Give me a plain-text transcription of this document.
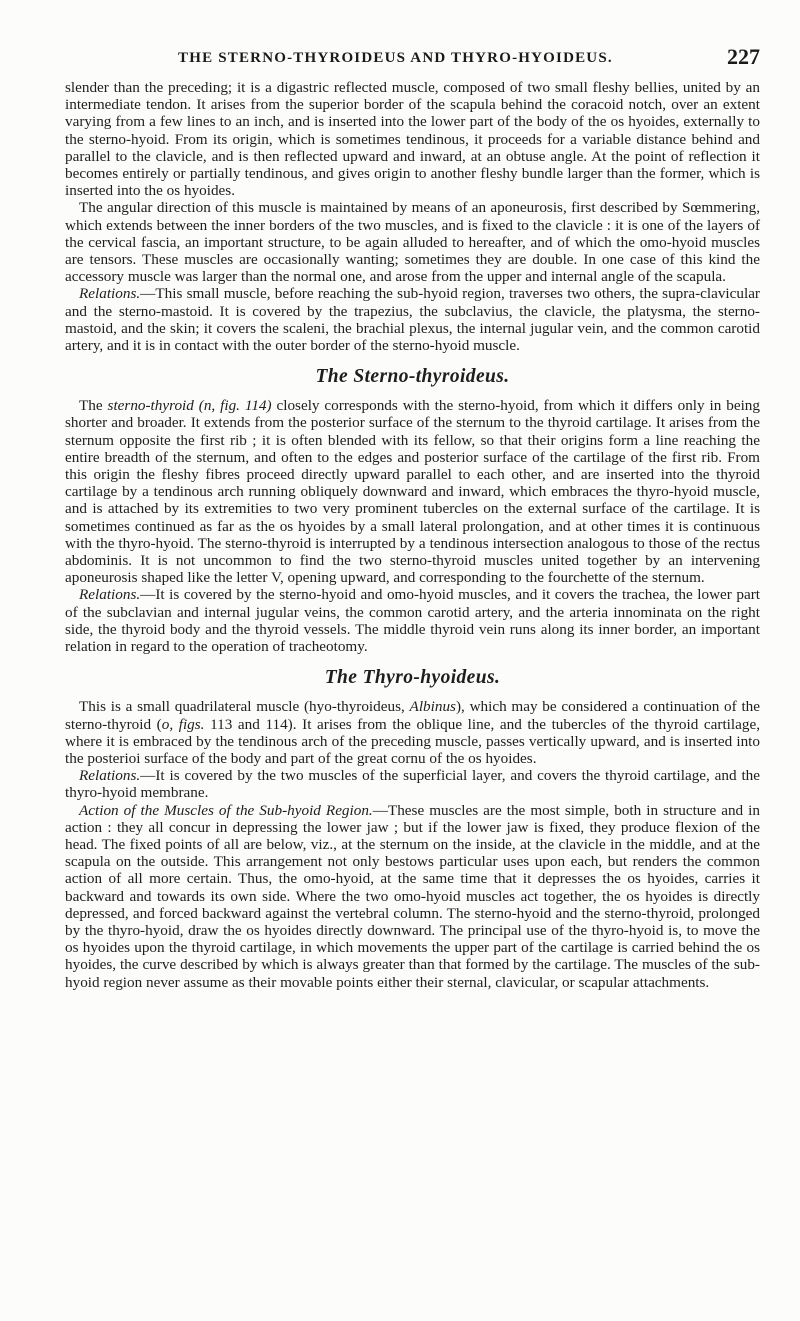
THE STERNO-THYROIDEUS AND THYRO-HYOIDEUS.	227

slender than the preceding; it is a digastric reflected muscle, composed of two small fleshy bellies, united by an intermediate tendon. It arises from the superior border of the scapula behind the coracoid notch, over an extent varying from a few lines to an inch, and is inserted into the lower part of the body of the os hyoides, externally to the sterno-hyoid. From its origin, which is sometimes tendinous, it proceeds for a variable distance behind and parallel to the clavicle, and is then reflected upward and inward, at an obtuse angle. At the point of reflection it becomes entirely or partially tendinous, and gives origin to another fleshy bundle larger than the former, which is inserted into the os hyoides.

The angular direction of this muscle is maintained by means of an aponeurosis, first described by Sœmmering, which extends between the inner borders of the two muscles, and is fixed to the clavicle : it is one of the layers of the cervical fascia, an important structure, to be again alluded to hereafter, and of which the omo-hyoid muscles are tensors. These muscles are occasionally wanting; sometimes they are double. In one case of this kind the accessory muscle was larger than the normal one, and arose from the upper and internal angle of the scapula.

Relations.—This small muscle, before reaching the sub-hyoid region, traverses two others, the supra-clavicular and the sterno-mastoid. It is covered by the trapezius, the subclavius, the clavicle, the platysma, the sterno-mastoid, and the skin; it covers the scaleni, the brachial plexus, the internal jugular vein, and the common carotid artery, and it is in contact with the outer border of the sterno-hyoid muscle.

The Sterno-thyroideus.

The sterno-thyroid (n, fig. 114) closely corresponds with the sterno-hyoid, from which it differs only in being shorter and broader. It extends from the posterior surface of the sternum to the thyroid cartilage. It arises from the sternum opposite the first rib ; it is often blended with its fellow, so that their origins form a line reaching the entire breadth of the sternum, and often to the edges and posterior surface of the cartilage of the first rib. From this origin the fleshy fibres proceed directly upward parallel to each other, and are inserted into the thyroid cartilage by a tendinous arch running obliquely downward and inward, which embraces the thyro-hyoid muscle, and is attached by its extremities to two very prominent tubercles on the external surface of the cartilage. It is sometimes continued as far as the os hyoides by a small lateral prolongation, and at other times it is continuous with the thyro-hyoid. The sterno-thyroid is interrupted by a tendinous intersection analogous to those of the rectus abdominis. It is not uncommon to find the two sterno-thyroid muscles united together by an intervening aponeurosis shaped like the letter V, opening upward, and corresponding to the fourchette of the sternum.

Relations.—It is covered by the sterno-hyoid and omo-hyoid muscles, and it covers the trachea, the lower part of the subclavian and internal jugular veins, the common carotid artery, and the arteria innominata on the right side, the thyroid body and the thyroid vessels. The middle thyroid vein runs along its inner border, an important relation in regard to the operation of tracheotomy.

The Thyro-hyoideus.

This is a small quadrilateral muscle (hyo-thyroideus, Albinus), which may be considered a continuation of the sterno-thyroid (o, figs. 113 and 114). It arises from the oblique line, and the tubercles of the thyroid cartilage, where it is embraced by the tendinous arch of the preceding muscle, passes vertically upward, and is inserted into the posterioi surface of the body and part of the great cornu of the os hyoides.

Relations.—It is covered by the two muscles of the superficial layer, and covers the thyroid cartilage, and the thyro-hyoid membrane.

Action of the Muscles of the Sub-hyoid Region.—These muscles are the most simple, both in structure and in action : they all concur in depressing the lower jaw ; but if the lower jaw is fixed, they produce flexion of the head. The fixed points of all are below, viz., at the sternum on the inside, at the clavicle in the middle, and at the scapula on the outside. This arrangement not only bestows particular uses upon each, but renders the common action of all more certain. Thus, the omo-hyoid, at the same time that it depresses the os hyoides, carries it backward and towards its own side. Where the two omo-hyoid muscles act together, the os hyoides is directly depressed, and forced backward against the vertebral column. The sterno-hyoid and the sterno-thyroid, prolonged by the thyro-hyoid, draw the os hyoides directly downward. The principal use of the thyro-hyoid is, to move the os hyoides upon the thyroid cartilage, in which movements the upper part of the cartilage is carried behind the os hyoides, the curve described by which is always greater than that formed by the cartilage. The muscles of the sub-hyoid region never assume as their movable points either their sternal, clavicular, or scapular attachments.
